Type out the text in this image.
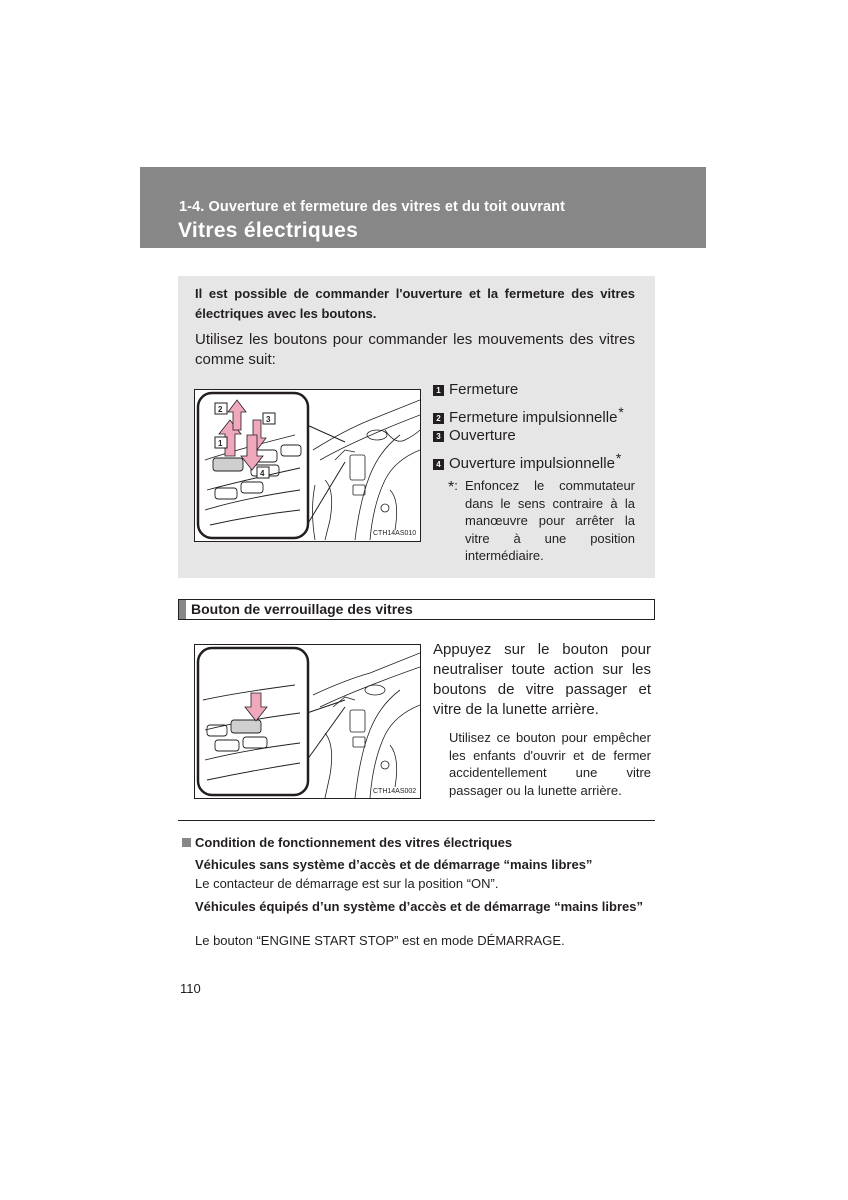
1-4. Ouverture et fermeture des vitres et du toit ouvrant
Vitres électriques
Il est possible de commander l'ouverture et la fermeture des vitres électriques avec les boutons.
Utilisez les boutons pour commander les mouvements des vitres comme suit:
2
3
1
4
CTH14AS010
1 Fermeture
2 Fermeture impulsionnelle*
3 Ouverture
4 Ouverture impulsionnelle*
*: Enfoncez le commutateur dans le sens contraire à la manœuvre pour arrêter la vitre à une position intermédiaire.
Bouton de verrouillage des vitres
CTH14AS002
Appuyez sur le bouton pour neutraliser toute action sur les boutons de vitre passager et vitre de la lunette arrière.
Utilisez ce bouton pour empêcher les enfants d'ouvrir et de fermer accidentellement une vitre passager ou la lunette arrière.
Condition de fonctionnement des vitres électriques
Véhicules sans système d’accès et de démarrage “mains libres”
Le contacteur de démarrage est sur la position “ON”.
Véhicules équipés d’un système d’accès et de démarrage “mains libres”
Le bouton “ENGINE START STOP” est en mode DÉMARRAGE.
110
